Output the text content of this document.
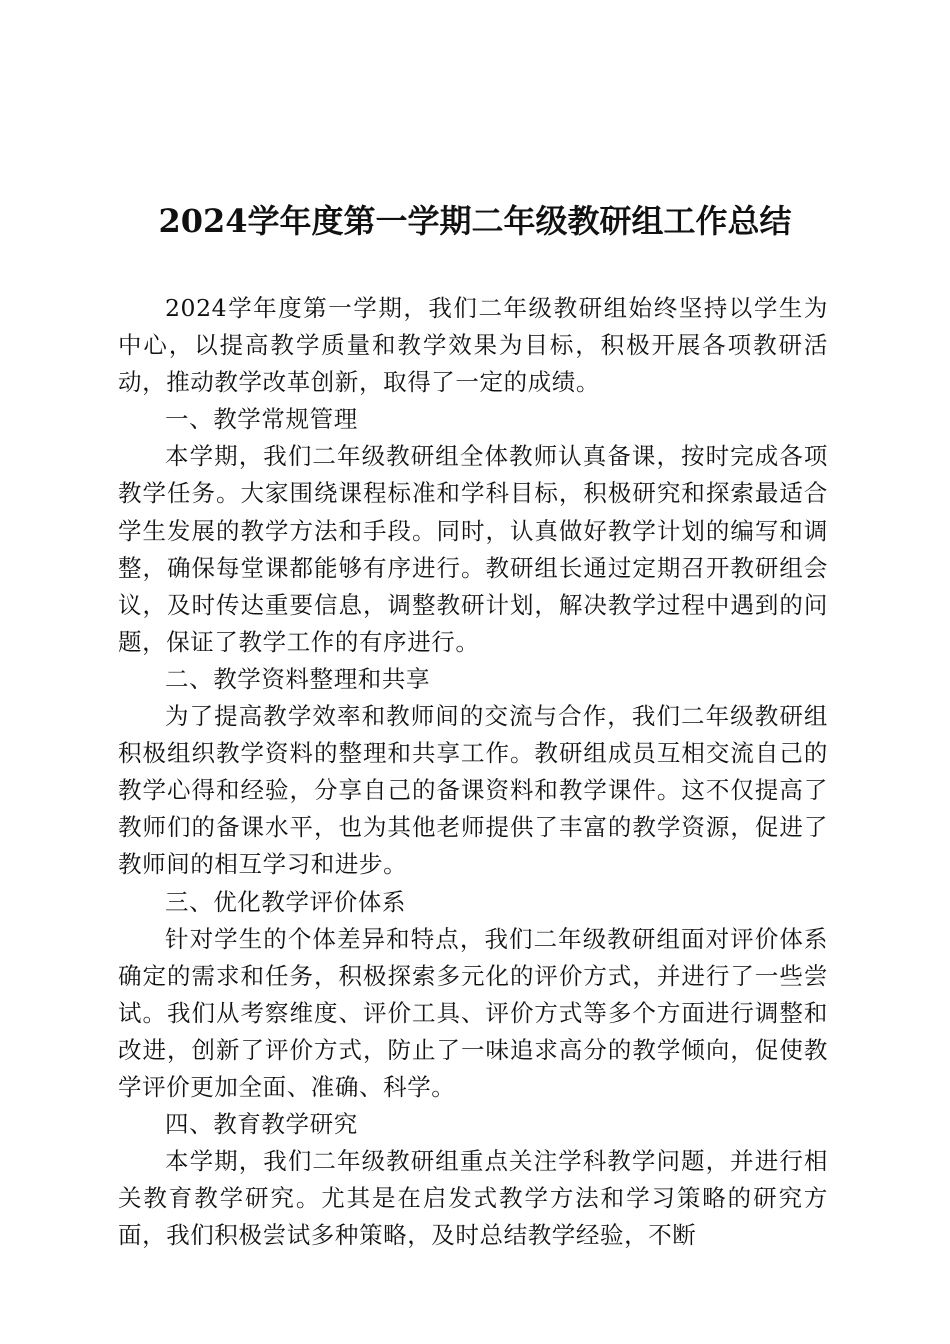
2024学年度第一学期二年级教研组工作总结

2024学年度第一学期，我们二年级教研组始终坚持以学生为中心，以提高教学质量和教学效果为目标，积极开展各项教研活动，推动教学改革创新，取得了一定的成绩。

一、教学常规管理

本学期，我们二年级教研组全体教师认真备课，按时完成各项教学任务。大家围绕课程标准和学科目标，积极研究和探索最适合学生发展的教学方法和手段。同时，认真做好教学计划的编写和调整，确保每堂课都能够有序进行。教研组长通过定期召开教研组会议，及时传达重要信息，调整教研计划，解决教学过程中遇到的问题，保证了教学工作的有序进行。

二、教学资料整理和共享

为了提高教学效率和教师间的交流与合作，我们二年级教研组积极组织教学资料的整理和共享工作。教研组成员互相交流自己的教学心得和经验，分享自己的备课资料和教学课件。这不仅提高了教师们的备课水平，也为其他老师提供了丰富的教学资源，促进了教师间的相互学习和进步。

三、优化教学评价体系

针对学生的个体差异和特点，我们二年级教研组面对评价体系确定的需求和任务，积极探索多元化的评价方式，并进行了一些尝试。我们从考察维度、评价工具、评价方式等多个方面进行调整和改进，创新了评价方式，防止了一味追求高分的教学倾向，促使教学评价更加全面、准确、科学。

四、教育教学研究

本学期，我们二年级教研组重点关注学科教学问题，并进行相关教育教学研究。尤其是在启发式教学方法和学习策略的研究方面，我们积极尝试多种策略，及时总结教学经验，不断
